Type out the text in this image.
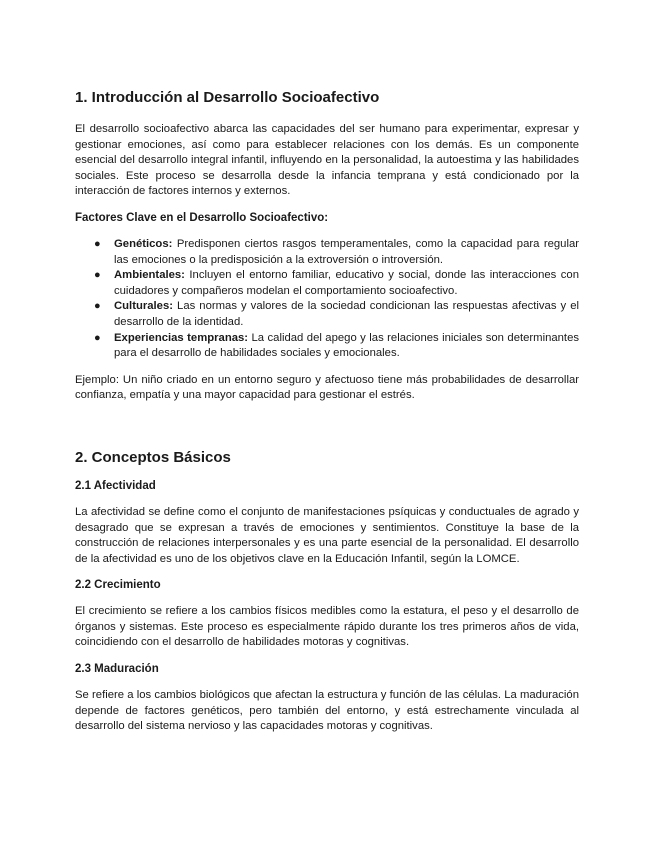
1. Introducción al Desarrollo Socioafectivo

El desarrollo socioafectivo abarca las capacidades del ser humano para experimentar, expresar y gestionar emociones, así como para establecer relaciones con los demás. Es un componente esencial del desarrollo integral infantil, influyendo en la personalidad, la autoestima y las habilidades sociales. Este proceso se desarrolla desde la infancia temprana y está condicionado por la interacción de factores internos y externos.

Factores Clave en el Desarrollo Socioafectivo:
● Genéticos: Predisponen ciertos rasgos temperamentales, como la capacidad para regular las emociones o la predisposición a la extroversión o introversión.
● Ambientales: Incluyen el entorno familiar, educativo y social, donde las interacciones con cuidadores y compañeros modelan el comportamiento socioafectivo.
● Culturales: Las normas y valores de la sociedad condicionan las respuestas afectivas y el desarrollo de la identidad.
● Experiencias tempranas: La calidad del apego y las relaciones iniciales son determinantes para el desarrollo de habilidades sociales y emocionales.

Ejemplo: Un niño criado en un entorno seguro y afectuoso tiene más probabilidades de desarrollar confianza, empatía y una mayor capacidad para gestionar el estrés.

2. Conceptos Básicos
2.1 Afectividad

La afectividad se define como el conjunto de manifestaciones psíquicas y conductuales de agrado y desagrado que se expresan a través de emociones y sentimientos. Constituye la base de la construcción de relaciones interpersonales y es una parte esencial de la personalidad. El desarrollo de la afectividad es uno de los objetivos clave en la Educación Infantil, según la LOMCE.

2.2 Crecimiento

El crecimiento se refiere a los cambios físicos medibles como la estatura, el peso y el desarrollo de órganos y sistemas. Este proceso es especialmente rápido durante los tres primeros años de vida, coincidiendo con el desarrollo de habilidades motoras y cognitivas.

2.3 Maduración

Se refiere a los cambios biológicos que afectan la estructura y función de las células. La maduración depende de factores genéticos, pero también del entorno, y está estrechamente vinculada al desarrollo del sistema nervioso y las capacidades motoras y cognitivas.
